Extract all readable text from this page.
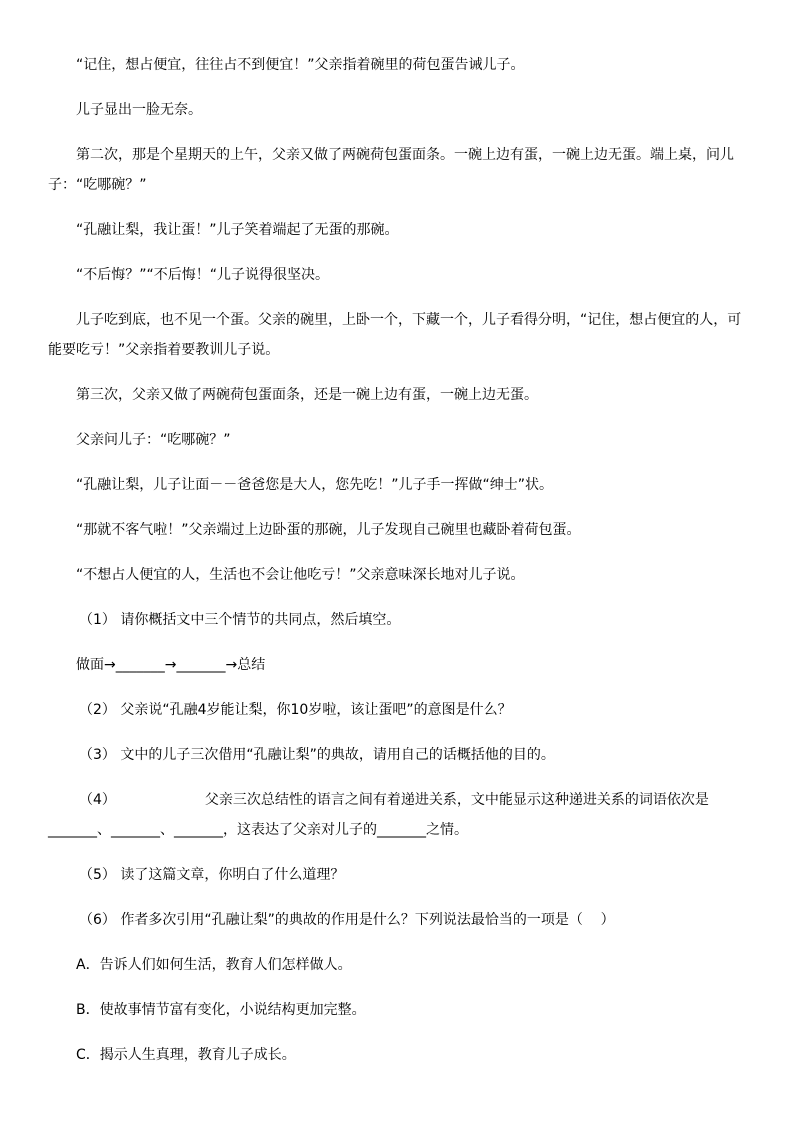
“记住，想占便宜，往往占不到便宜！”父亲指着碗里的荷包蛋告诫儿子。
儿子显出一脸无奈。
第二次，那是个星期天的上午，父亲又做了两碗荷包蛋面条。一碗上边有蛋，一碗上边无蛋。端上桌，问儿
子：“吃哪碗？”
“孔融让梨，我让蛋！”儿子笑着端起了无蛋的那碗。
“不后悔？”“不后悔！“儿子说得很坚决。
儿子吃到底，也不见一个蛋。父亲的碗里，上卧一个，下藏一个，儿子看得分明，“记住，想占便宜的人，可
能要吃亏！”父亲指着要教训儿子说。
第三次，父亲又做了两碗荷包蛋面条，还是一碗上边有蛋，一碗上边无蛋。
父亲问儿子：“吃哪碗？”
“孔融让梨，儿子让面－－爸爸您是大人，您先吃！”儿子手一挥做“绅士”状。
“那就不客气啦！”父亲端过上边卧蛋的那碗，儿子发现自己碗里也藏卧着荷包蛋。
“不想占人便宜的人，生活也不会让他吃亏！”父亲意味深长地对儿子说。
（1） 请你概括文中三个情节的共同点，然后填空。
做面→_______→_______→总结
（2） 父亲说“孔融4岁能让梨，你10岁啦，该让蛋吧”的意图是什么？
（3） 文中的儿子三次借用“孔融让梨”的典故，请用自己的话概括他的目的。
（4）                    父亲三次总结性的语言之间有着递进关系，文中能显示这种递进关系的词语依次是
_______、_______、_______，这表达了父亲对儿子的_______之情。
（5） 读了这篇文章，你明白了什么道理？
（6） 作者多次引用“孔融让梨”的典故的作用是什么？下列说法最恰当的一项是（    ）
A．告诉人们如何生活，教育人们怎样做人。
B．使故事情节富有变化，小说结构更加完整。
C．揭示人生真理，教育儿子成长。
